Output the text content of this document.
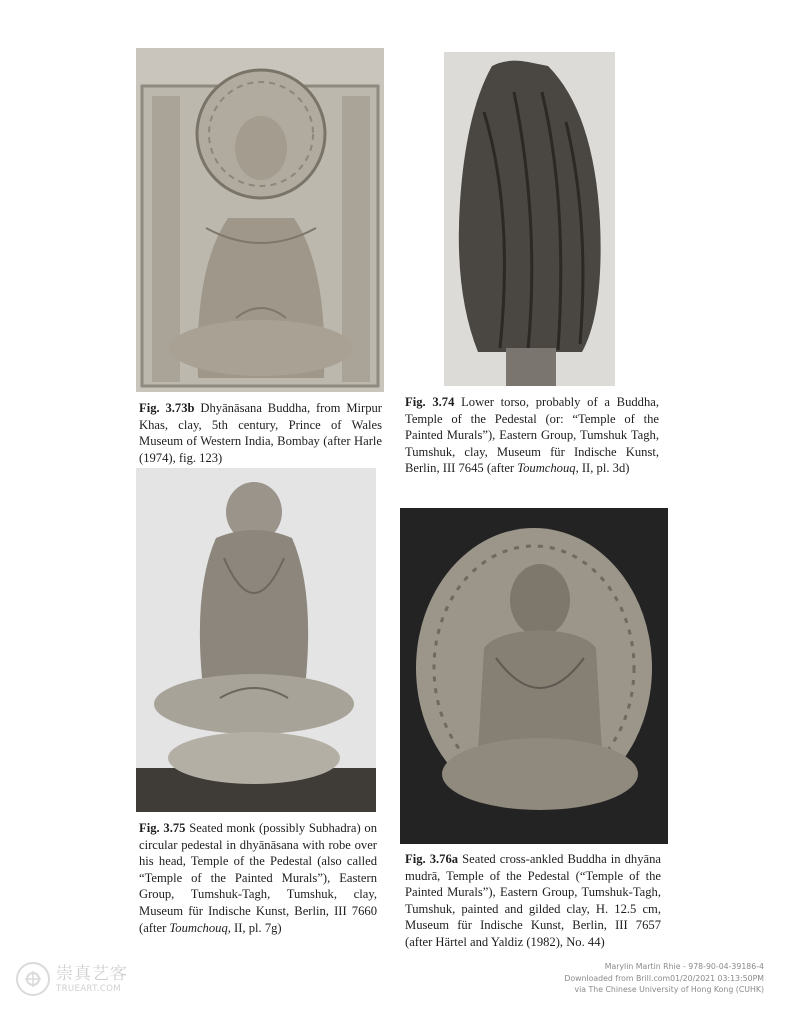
Fig. 3.73b Dhyānāsana Buddha, from Mirpur Khas, clay, 5th century, Prince of Wales Museum of Western India, Bombay (after Harle (1974), fig. 123)
Fig. 3.74 Lower torso, probably of a Buddha, Temple of the Pedestal (or: “Temple of the Painted Murals”), Eastern Group, Tumshuk Tagh, Tumshuk, clay, Museum für Indische Kunst, Berlin, III 7645 (after Toumchouq, II, pl. 3d)
Fig. 3.75 Seated monk (possibly Subhadra) on circular pedestal in dhyānāsana with robe over his head, Temple of the Pedestal (also called “Temple of the Painted Murals”), Eastern Group, Tumshuk-Tagh, Tumshuk, clay, Museum für Indische Kunst, Berlin, III 7660 (after Toumchouq, II, pl. 7g)
Fig. 3.76a Seated cross-ankled Buddha in dhyāna mudrā, Temple of the Pedestal (“Temple of the Painted Murals”), Eastern Group, Tumshuk-Tagh, Tumshuk, painted and gilded clay, H. 12.5 cm, Museum für Indische Kunst, Berlin, III 7657 (after Härtel and Yaldiz (1982), No. 44)
崇真艺客
TRUEART.COM
Marylin Martin Rhie - 978-90-04-39186-4
Downloaded from Brill.com01/20/2021 03:13:50PM
via The Chinese University of Hong Kong (CUHK)
